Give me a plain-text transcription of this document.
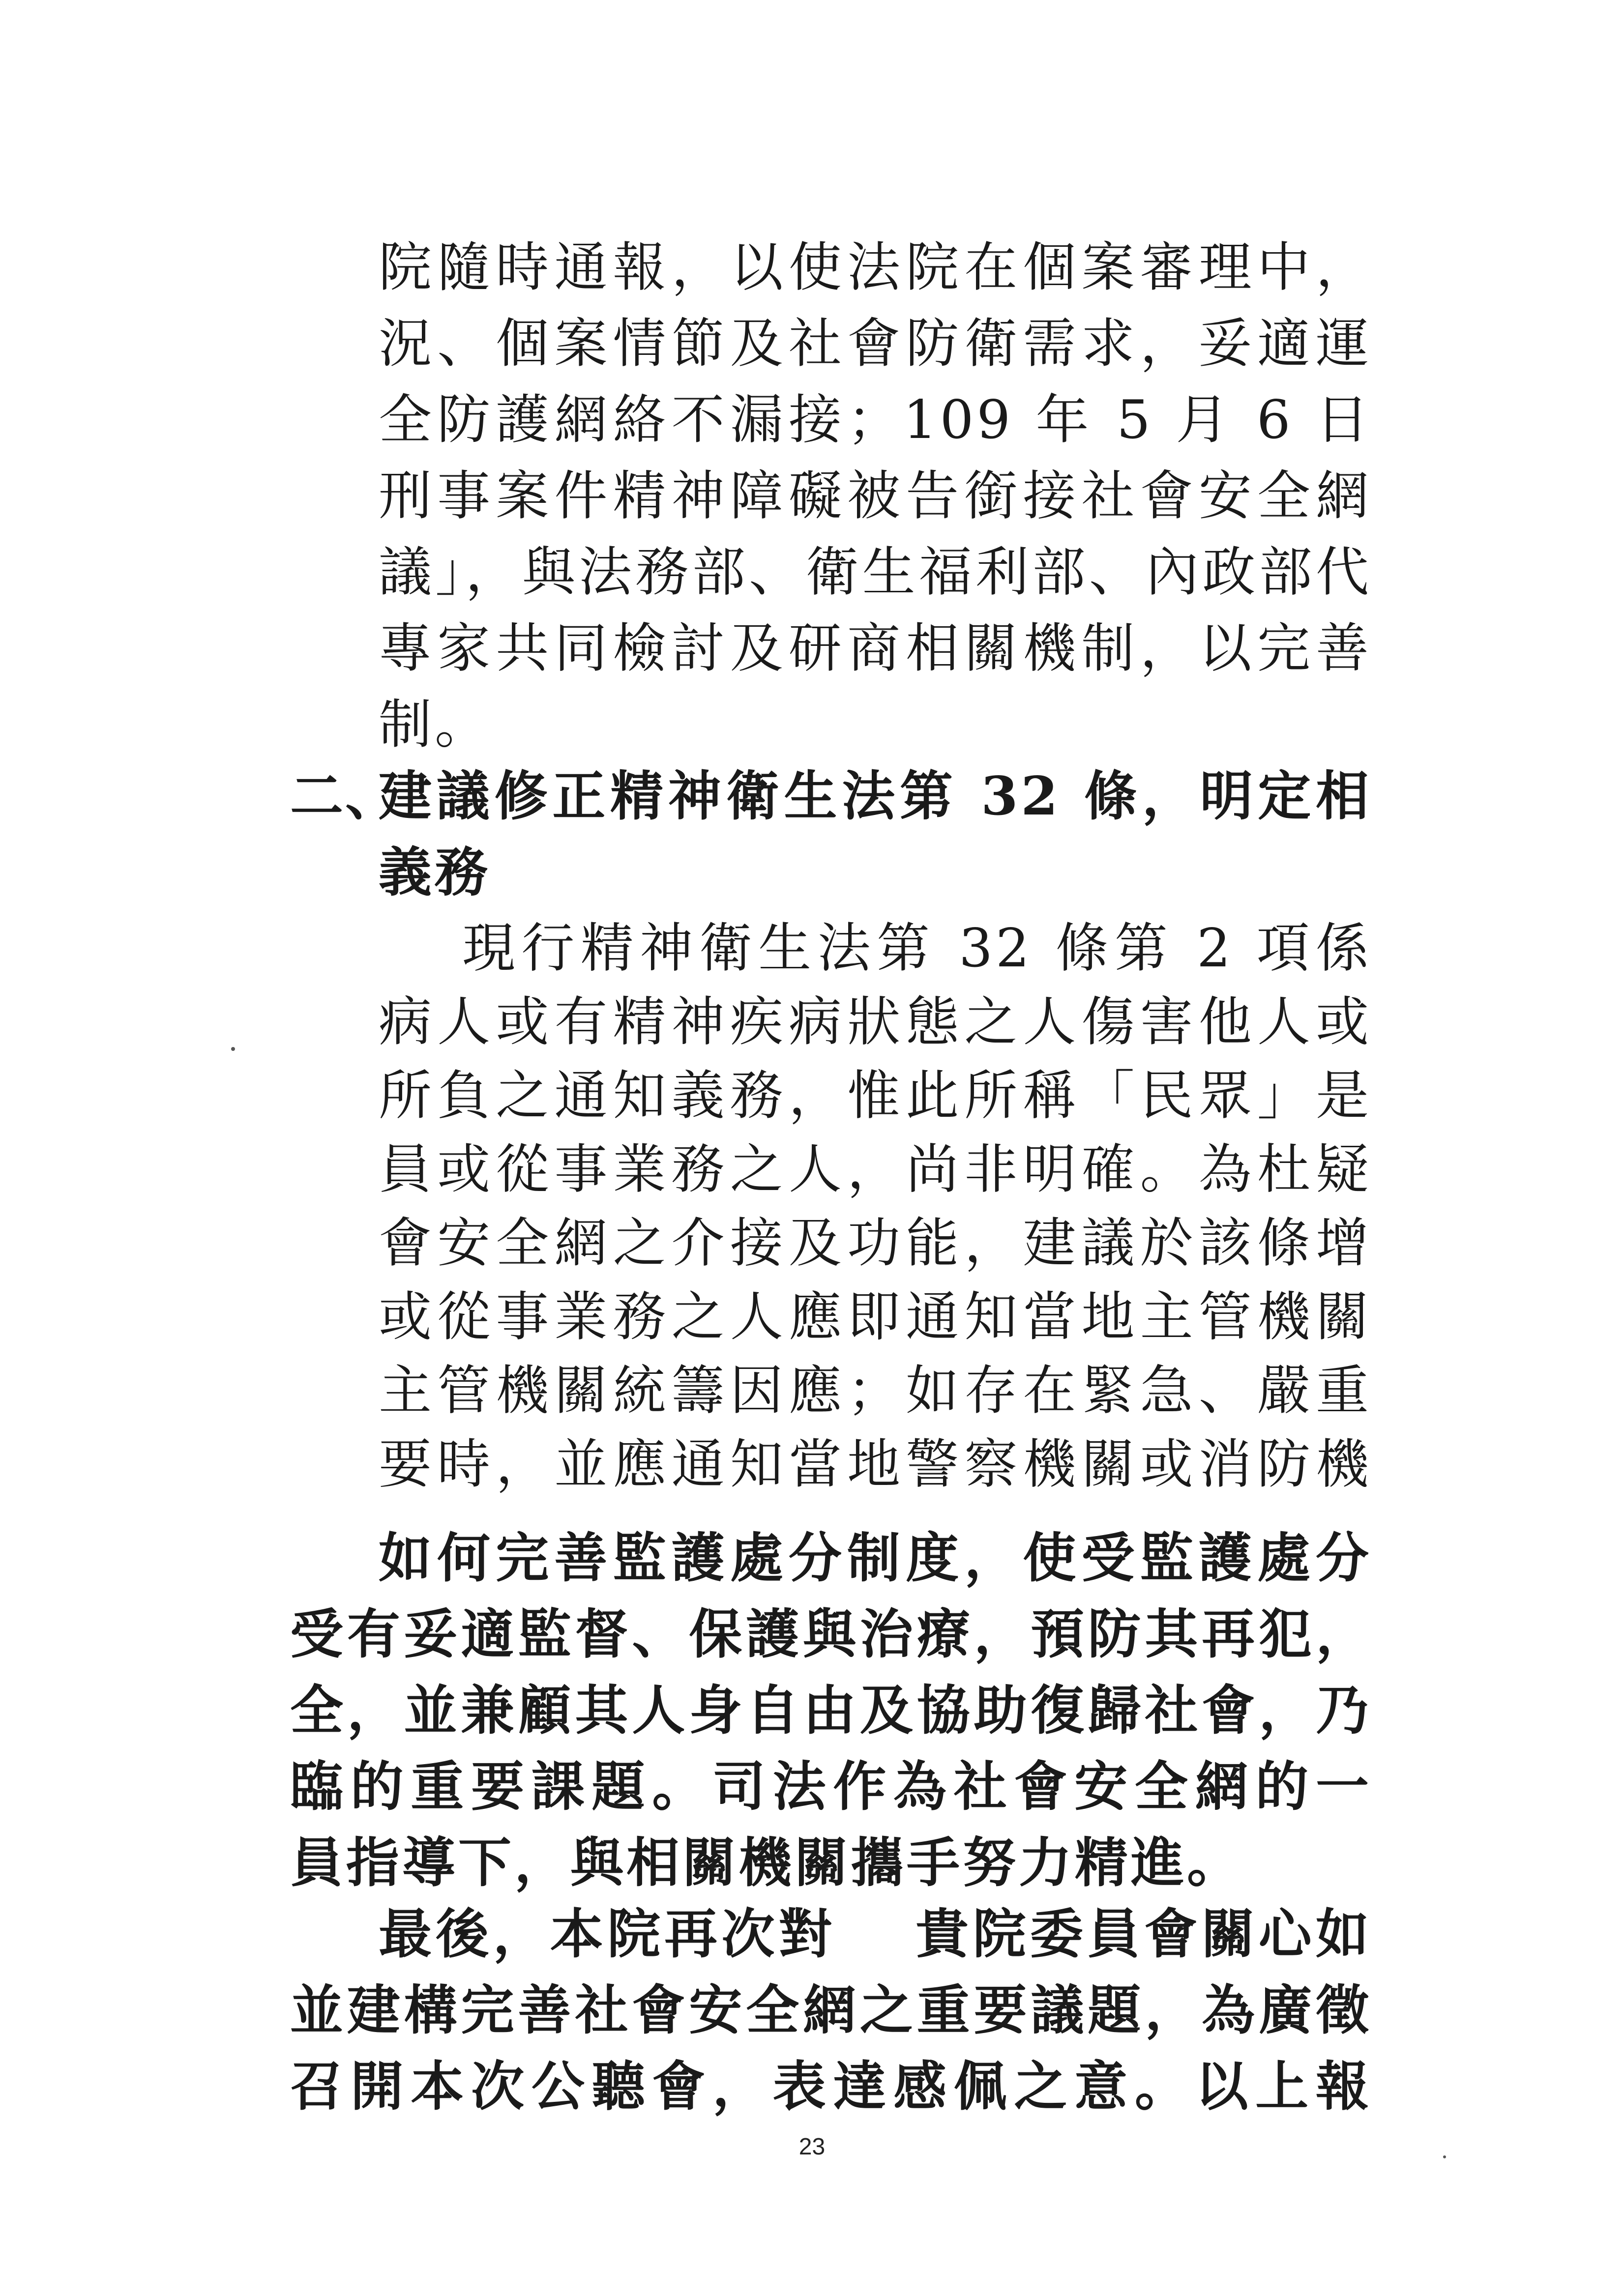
院隨時通報，以使法院在個案審理中，
況、個案情節及社會防衛需求，妥適運
全防護網絡不漏接；109 年 5 月 6 日
刑事案件精神障礙被告銜接社會安全網
議」，與法務部、衛生福利部、內政部代
專家共同檢討及研商相關機制，以完善
制。
二、
建議修正精神衛生法第 32 條，明定相
義務
現行精神衛生法第 32 條第 2 項係
病人或有精神疾病狀態之人傷害他人或
所負之通知義務，惟此所稱「民眾」是
員或從事業務之人，尚非明確。為杜疑
會安全網之介接及功能，建議於該條增
或從事業務之人應即通知當地主管機關
主管機關統籌因應；如存在緊急、嚴重
要時，並應通知當地警察機關或消防機
如何完善監護處分制度，使受監護處分
受有妥適監督、保護與治療，預防其再犯，
全，並兼顧其人身自由及協助復歸社會，乃
臨的重要課題。司法作為社會安全網的一
員指導下，與相關機關攜手努力精進。
最後，本院再次對　 貴院委員會關心如
並建構完善社會安全網之重要議題，為廣徵
召開本次公聽會，表達感佩之意。以上報
23
